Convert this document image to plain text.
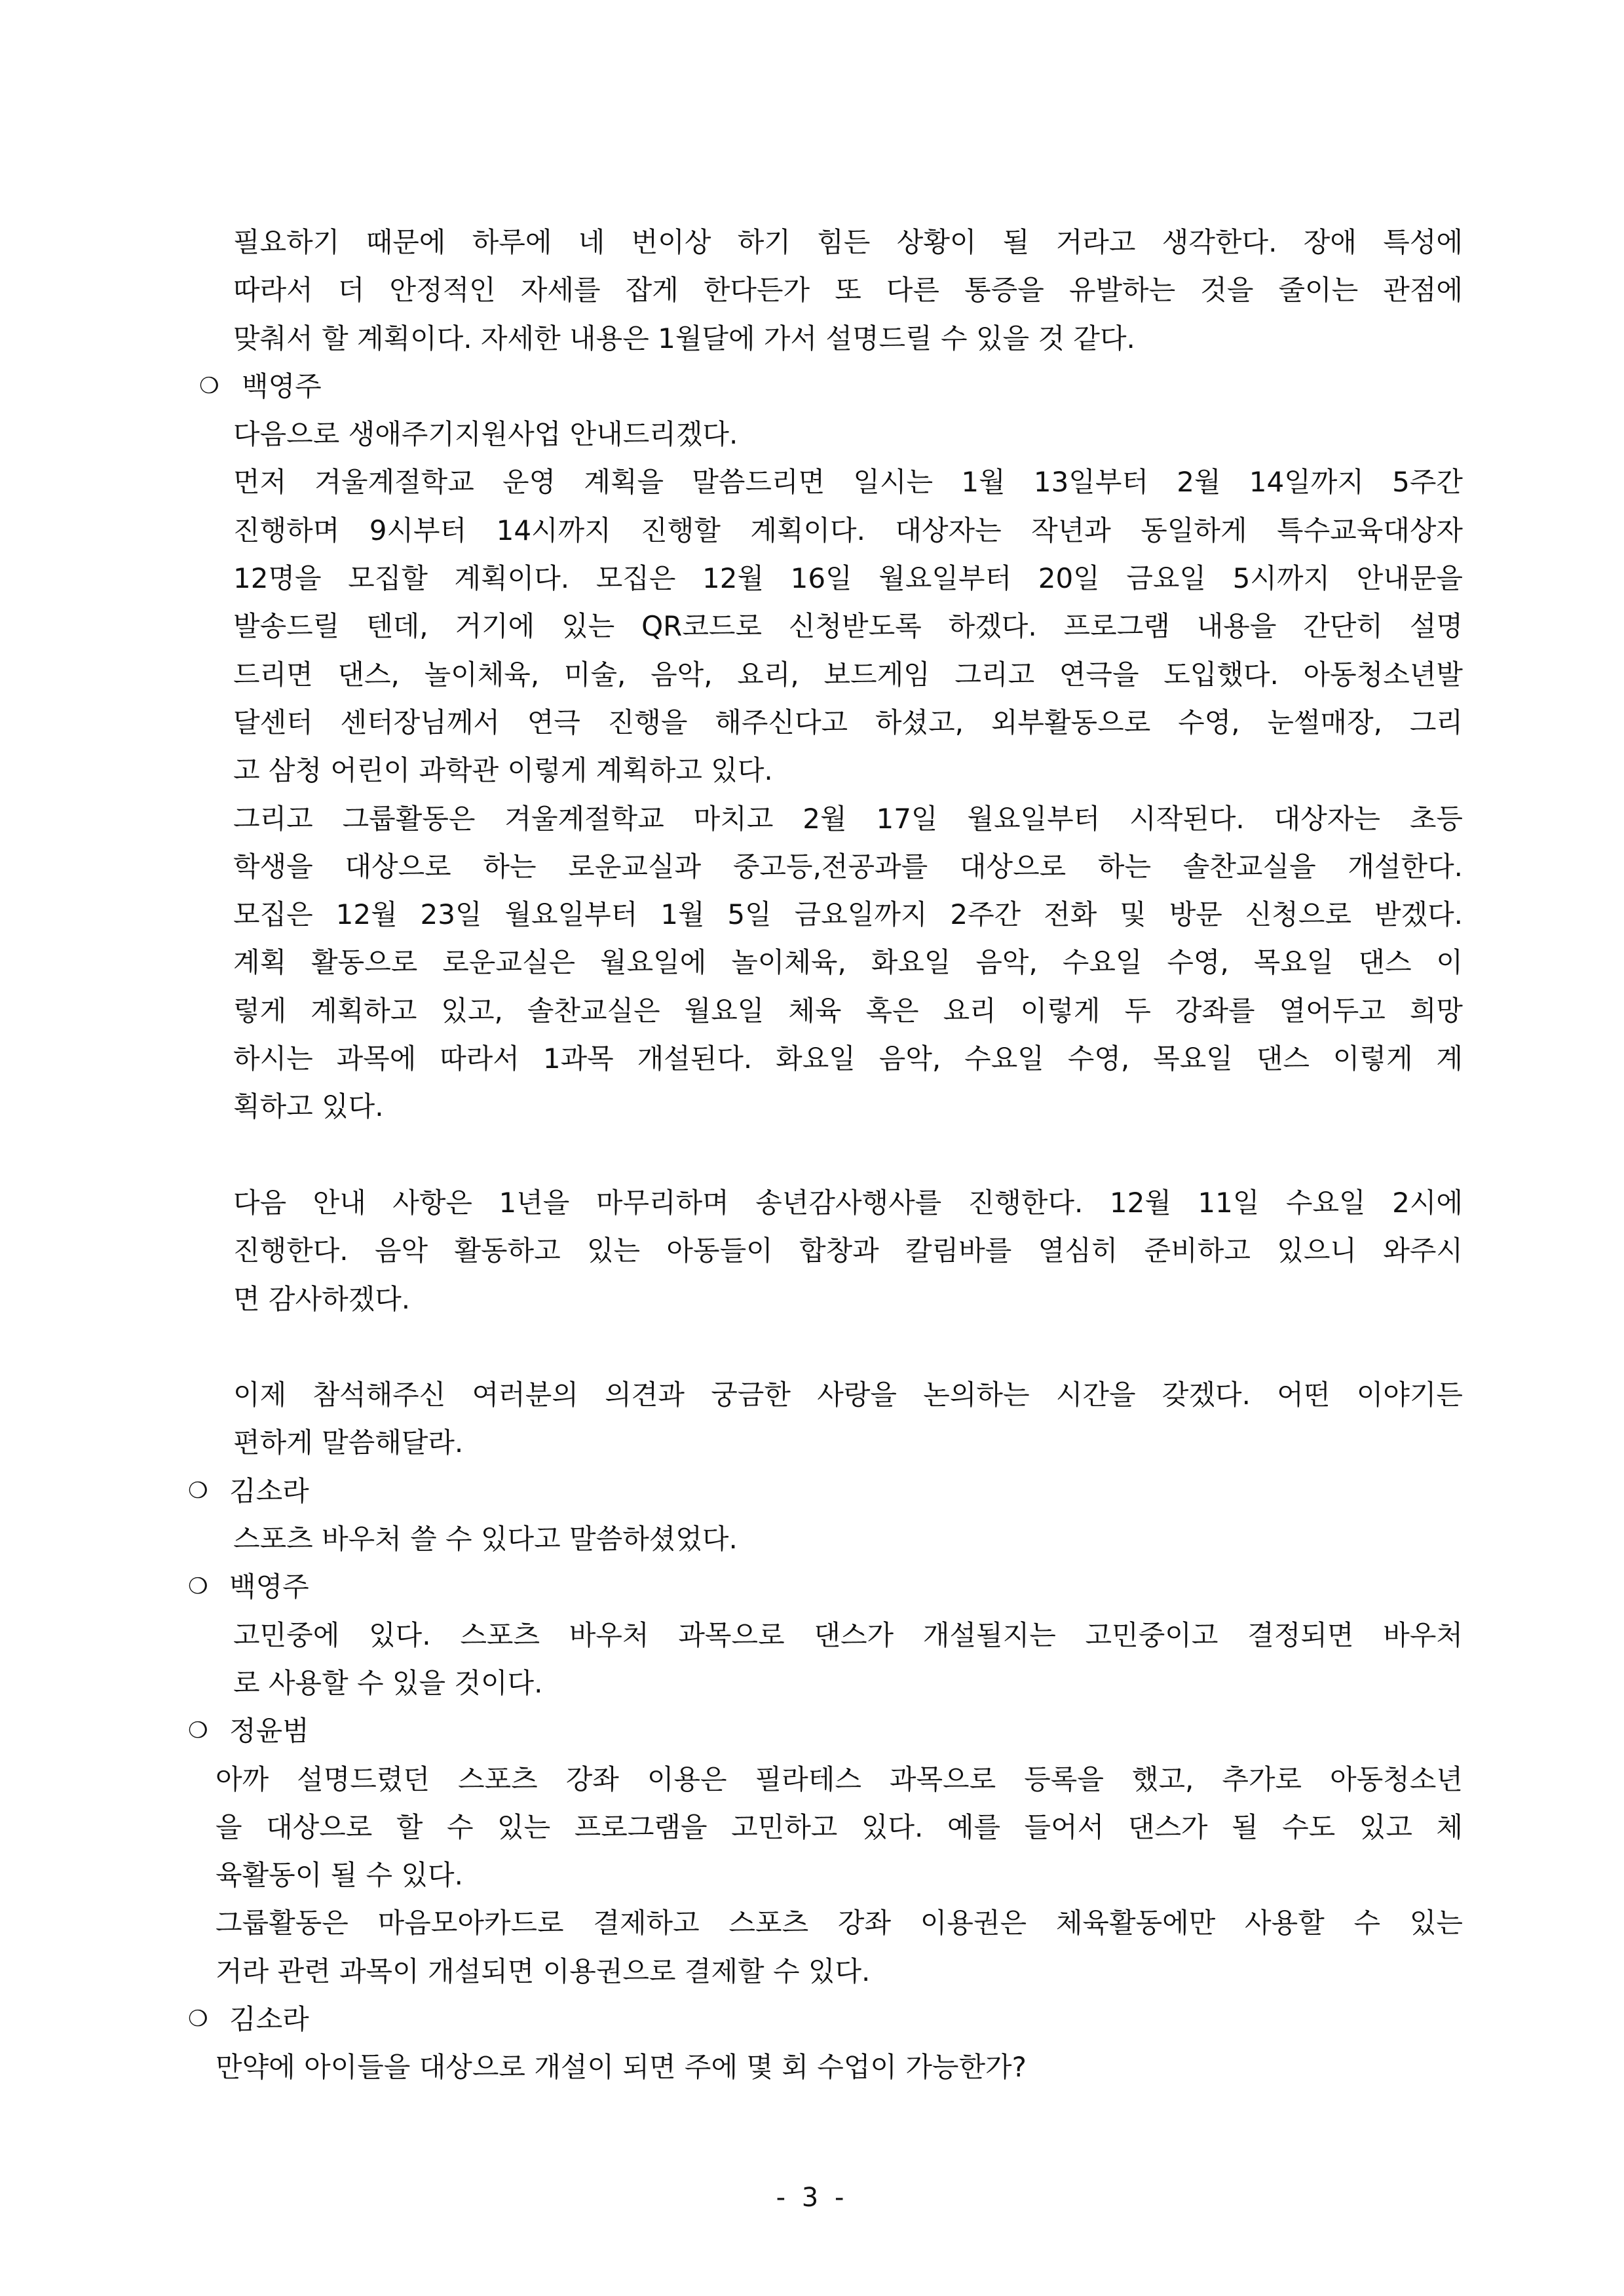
필요하기 때문에 하루에 네 번이상 하기 힘든 상황이 될 거라고 생각한다. 장애 특성에
따라서 더 안정적인 자세를 잡게 한다든가 또 다른 통증을 유발하는 것을 줄이는 관점에
맞춰서 할 계획이다. 자세한 내용은 1월달에 가서 설명드릴 수 있을 것 같다.
❍ 백영주
다음으로 생애주기지원사업 안내드리겠다.
먼저 겨울계절학교 운영 계획을 말씀드리면 일시는 1월 13일부터 2월 14일까지 5주간
진행하며 9시부터 14시까지 진행할 계획이다. 대상자는 작년과 동일하게 특수교육대상자
12명을 모집할 계획이다. 모집은 12월 16일 월요일부터 20일 금요일 5시까지 안내문을
발송드릴 텐데, 거기에 있는 QR코드로 신청받도록 하겠다. 프로그램 내용을 간단히 설명
드리면 댄스, 놀이체육, 미술, 음악, 요리, 보드게임 그리고 연극을 도입했다. 아동청소년발
달센터 센터장님께서 연극 진행을 해주신다고 하셨고, 외부활동으로 수영, 눈썰매장, 그리
고 삼청 어린이 과학관 이렇게 계획하고 있다.
그리고 그룹활동은 겨울계절학교 마치고 2월 17일 월요일부터 시작된다. 대상자는 초등
학생을 대상으로 하는 로운교실과 중고등,전공과를 대상으로 하는 솔찬교실을 개설한다.
모집은 12월 23일 월요일부터 1월 5일 금요일까지 2주간 전화 및 방문 신청으로 받겠다.
계획 활동으로 로운교실은 월요일에 놀이체육, 화요일 음악, 수요일 수영, 목요일 댄스 이
렇게 계획하고 있고, 솔찬교실은 월요일 체육 혹은 요리 이렇게 두 강좌를 열어두고 희망
하시는 과목에 따라서 1과목 개설된다. 화요일 음악, 수요일 수영, 목요일 댄스 이렇게 계
획하고 있다.
다음 안내 사항은 1년을 마무리하며 송년감사행사를 진행한다. 12월 11일 수요일 2시에
진행한다. 음악 활동하고 있는 아동들이 합창과 칼림바를 열심히 준비하고 있으니 와주시
면 감사하겠다.
이제 참석해주신 여러분의 의견과 궁금한 사랑을 논의하는 시간을 갖겠다. 어떤 이야기든
편하게 말씀해달라.
❍ 김소라
스포츠 바우처 쓸 수 있다고 말씀하셨었다.
❍ 백영주
고민중에 있다. 스포츠 바우처 과목으로 댄스가 개설될지는 고민중이고 결정되면 바우처
로 사용할 수 있을 것이다.
❍ 정윤범
아까 설명드렸던 스포츠 강좌 이용은 필라테스 과목으로 등록을 했고, 추가로 아동청소년
을 대상으로 할 수 있는 프로그램을 고민하고 있다. 예를 들어서 댄스가 될 수도 있고 체
육활동이 될 수 있다.
그룹활동은 마음모아카드로 결제하고 스포츠 강좌 이용권은 체육활동에만 사용할 수 있는
거라 관련 과목이 개설되면 이용권으로 결제할 수 있다.
❍ 김소라
만약에 아이들을 대상으로 개설이 되면 주에 몇 회 수업이 가능한가?
- 3 -
